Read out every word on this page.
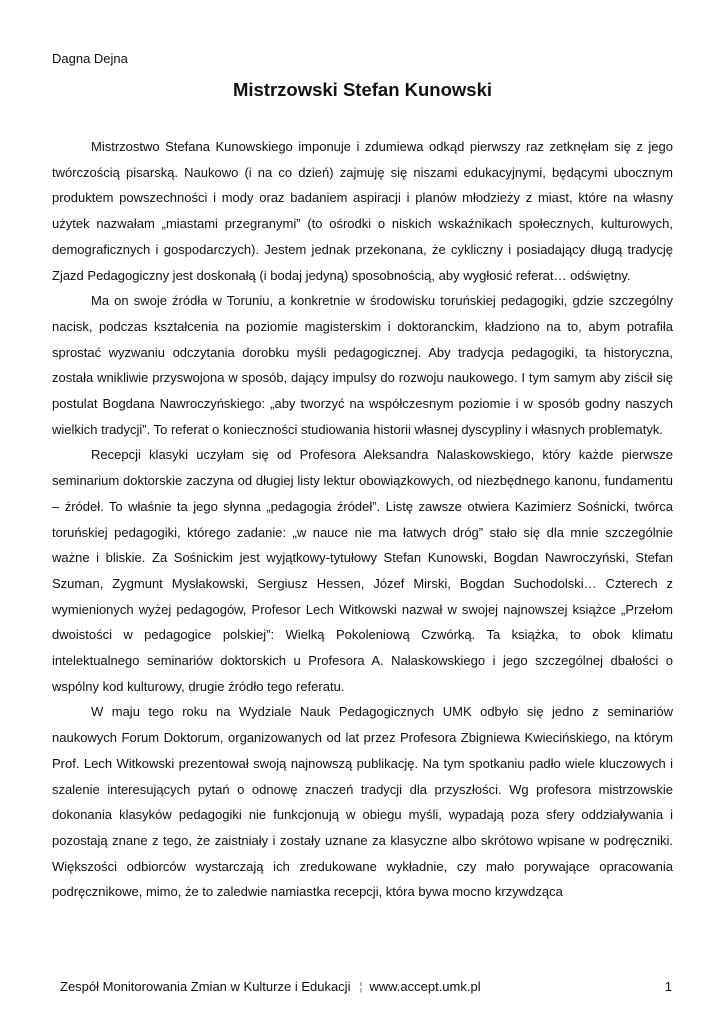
Dagna Dejna
Mistrzowski Stefan Kunowski

Mistrzostwo Stefana Kunowskiego imponuje i zdumiewa odkąd pierwszy raz zetknęłam się z jego twórczością pisarską. Naukowo (i na co dzień) zajmuję się niszami edukacyjnymi, będącymi ubocznym produktem powszechności i mody oraz badaniem aspiracji i planów młodzieży z miast, które na własny użytek nazwałam „miastami przegranymi” (to ośrodki o niskich wskaźnikach społecznych, kulturowych, demograficznych i gospodarczych). Jestem jednak przekonana, że cykliczny i posiadający długą tradycję Zjazd Pedagogiczny jest doskonałą (i bodaj jedyną) sposobnością, aby wygłosić referat… odświętny.

Ma on swoje źródła w Toruniu, a konkretnie w środowisku toruńskiej pedagogiki, gdzie szczególny nacisk, podczas kształcenia na poziomie magisterskim i doktoranckim, kładziono na to, abym potrafiła sprostać wyzwaniu odczytania dorobku myśli pedagogicznej. Aby tradycja pedagogiki, ta historyczna, została wnikliwie przyswojona w sposób, dający impulsy do rozwoju naukowego. I tym samym aby ziścił się postulat Bogdana Nawroczyńskiego: „aby tworzyć na współczesnym poziomie i w sposób godny naszych wielkich tradycji”. To referat o konieczności studiowania historii własnej dyscypliny i własnych problematyk.

Recepcji klasyki uczyłam się od Profesora Aleksandra Nalaskowskiego, który każde pierwsze seminarium doktorskie zaczyna od długiej listy lektur obowiązkowych, od niezbędnego kanonu, fundamentu – źródeł. To właśnie ta jego słynna „pedagogia źródeł”. Listę zawsze otwiera Kazimierz Sośnicki, twórca toruńskiej pedagogiki, którego zadanie: „w nauce nie ma łatwych dróg” stało się dla mnie szczególnie ważne i bliskie. Za Sośnickim jest wyjątkowy-tytułowy Stefan Kunowski, Bogdan Nawroczyński, Stefan Szuman, Zygmunt Mysłakowski, Sergiusz Hessen, Józef Mirski, Bogdan Suchodolski… Czterech z wymienionych wyżej pedagogów, Profesor Lech Witkowski nazwał w swojej najnowszej książce „Przełom dwoistości w pedagogice polskiej”: Wielką Pokoleniową Czwórką. Ta książka, to obok klimatu intelektualnego seminariów doktorskich u Profesora A. Nalaskowskiego i jego szczególnej dbałości o wspólny kod kulturowy, drugie źródło tego referatu.

W maju tego roku na Wydziale Nauk Pedagogicznych UMK odbyło się jedno z seminariów naukowych Forum Doktorum, organizowanych od lat przez Profesora Zbigniewa Kwiecińskiego, na którym Prof. Lech Witkowski prezentował swoją najnowszą publikację. Na tym spotkaniu padło wiele kluczowych i szalenie interesujących pytań o odnowę znaczeń tradycji dla przyszłości. Wg profesora mistrzowskie dokonania klasyków pedagogiki nie funkcjonują w obiegu myśli, wypadają poza sfery oddziaływania i pozostają znane z tego, że zaistniały i zostały uznane za klasyczne albo skrótowo wpisane w podręczniki. Większości odbiorców wystarczają ich zredukowane wykładnie, czy mało porywające opracowania podręcznikowe, mimo, że to zaledwie namiastka recepcji, która bywa mocno krzywdząca

Zespół Monitorowania Zmian w Kulturze i Edukacji ¦ www.accept.umk.pl	1
